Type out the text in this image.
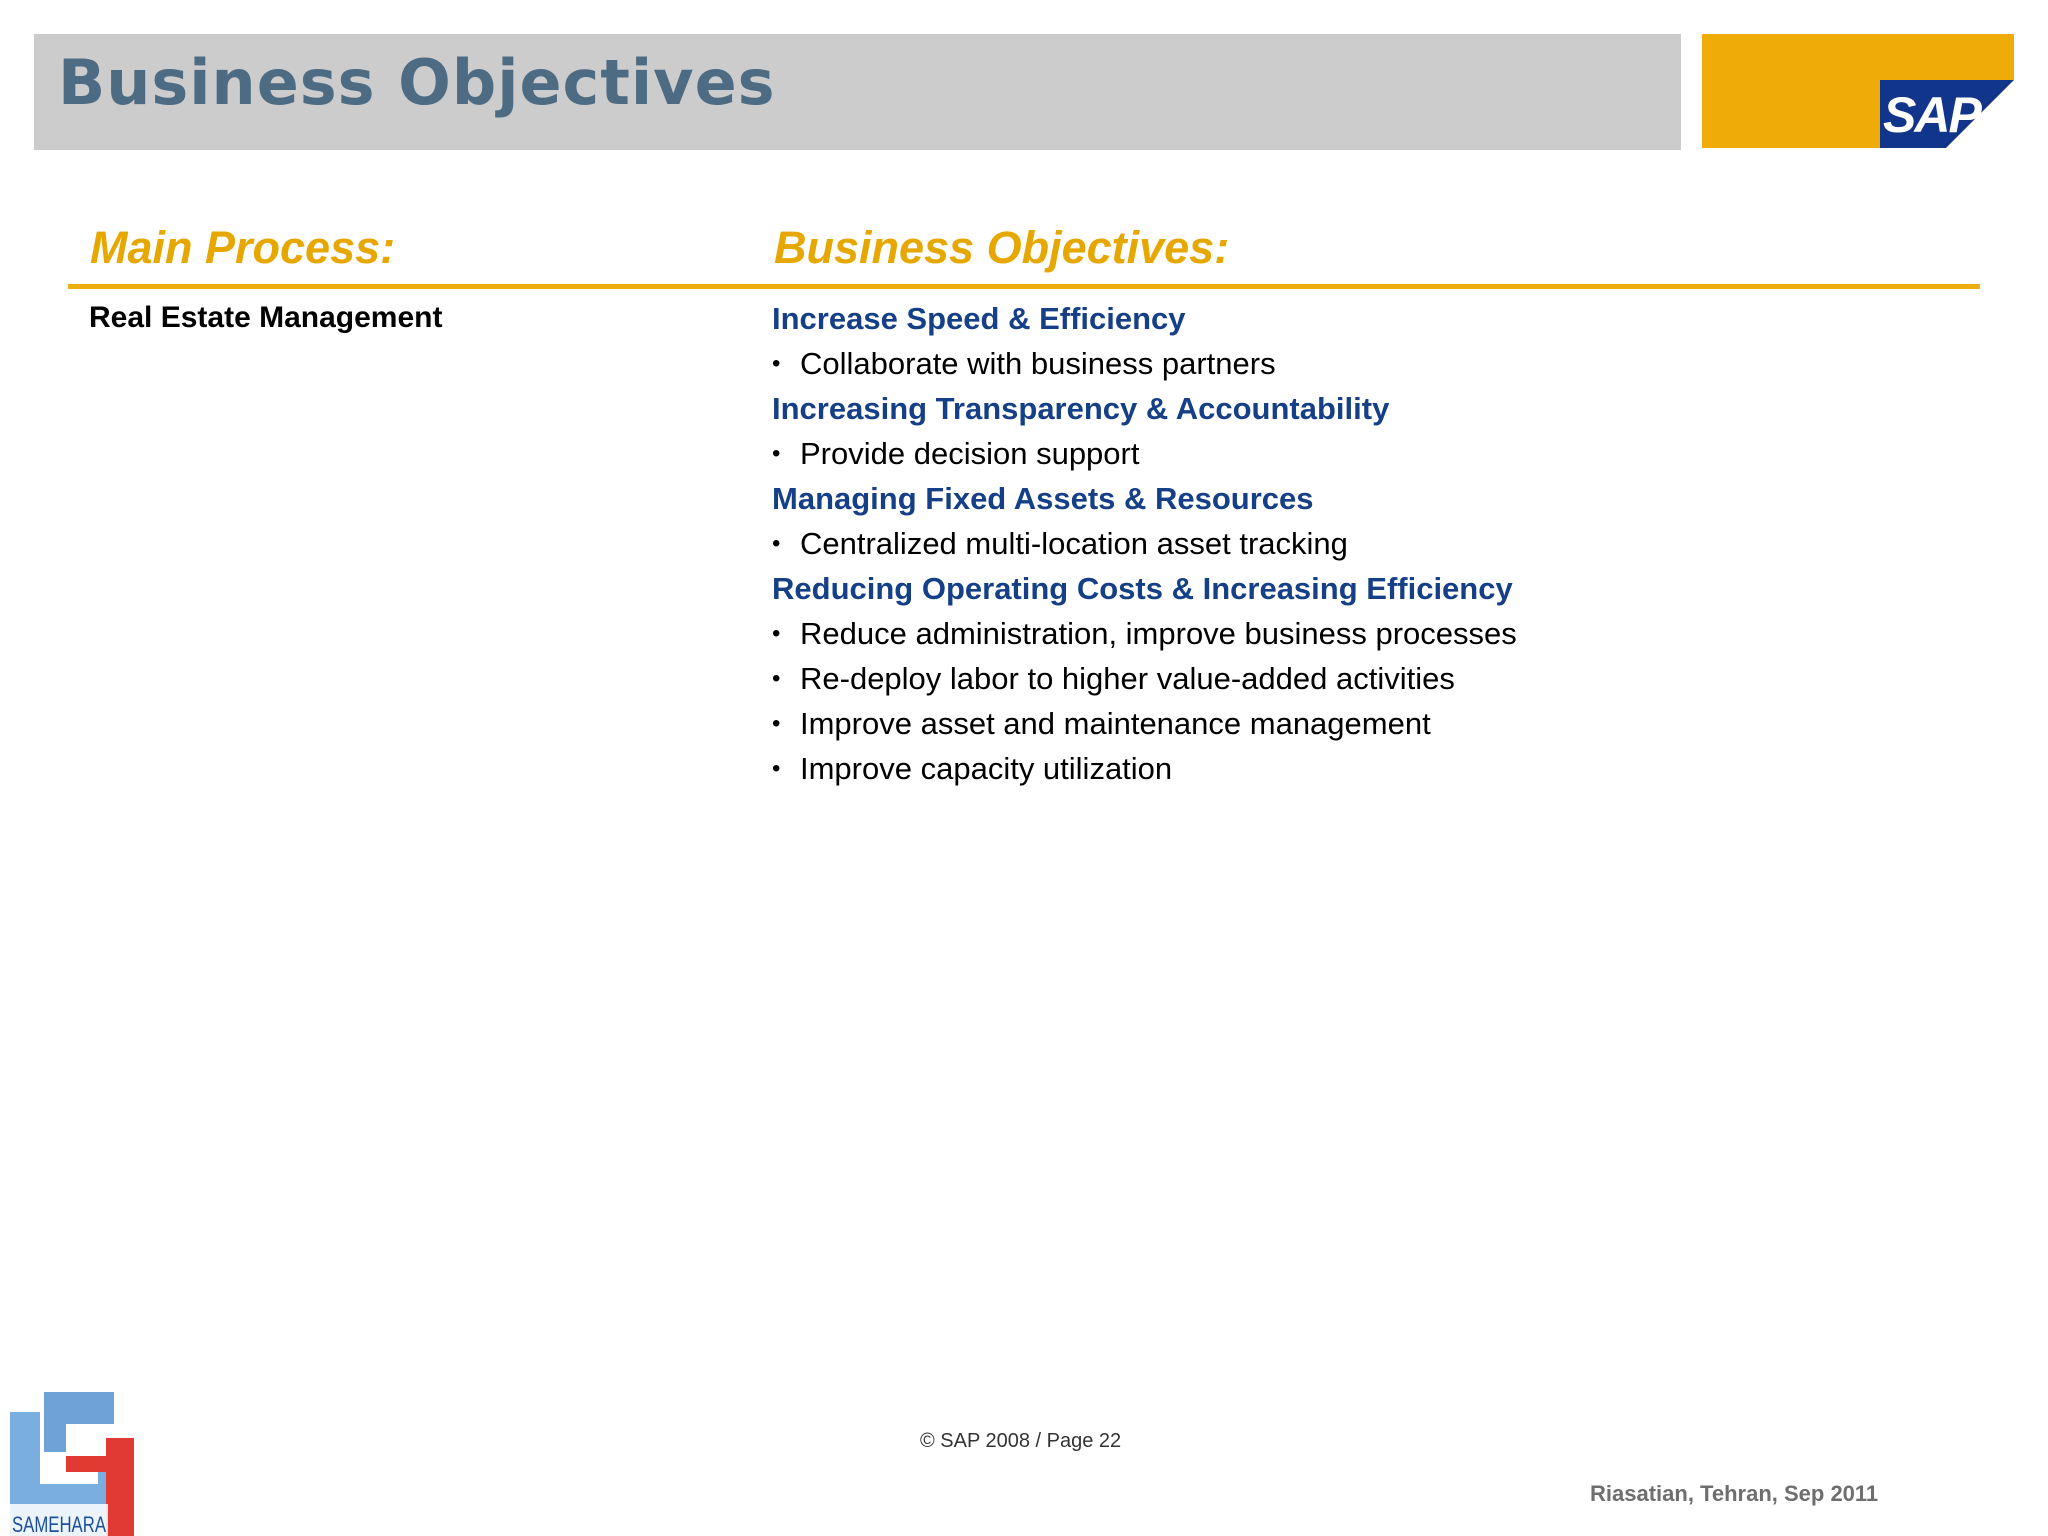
Business Objectives	SAP
Main Process:	Business Objectives:
Real Estate Management	Increase Speed & Efficiency
• Collaborate with business partners
Increasing Transparency & Accountability
• Provide decision support
Managing Fixed Assets & Resources
• Centralized multi-location asset tracking
Reducing Operating Costs & Increasing Efficiency
• Reduce administration, improve business processes
• Re-deploy labor to higher value-added activities
• Improve asset and maintenance management
• Improve capacity utilization
© SAP 2008 / Page 22
Riasatian, Tehran, Sep 2011
SAMEHARA
